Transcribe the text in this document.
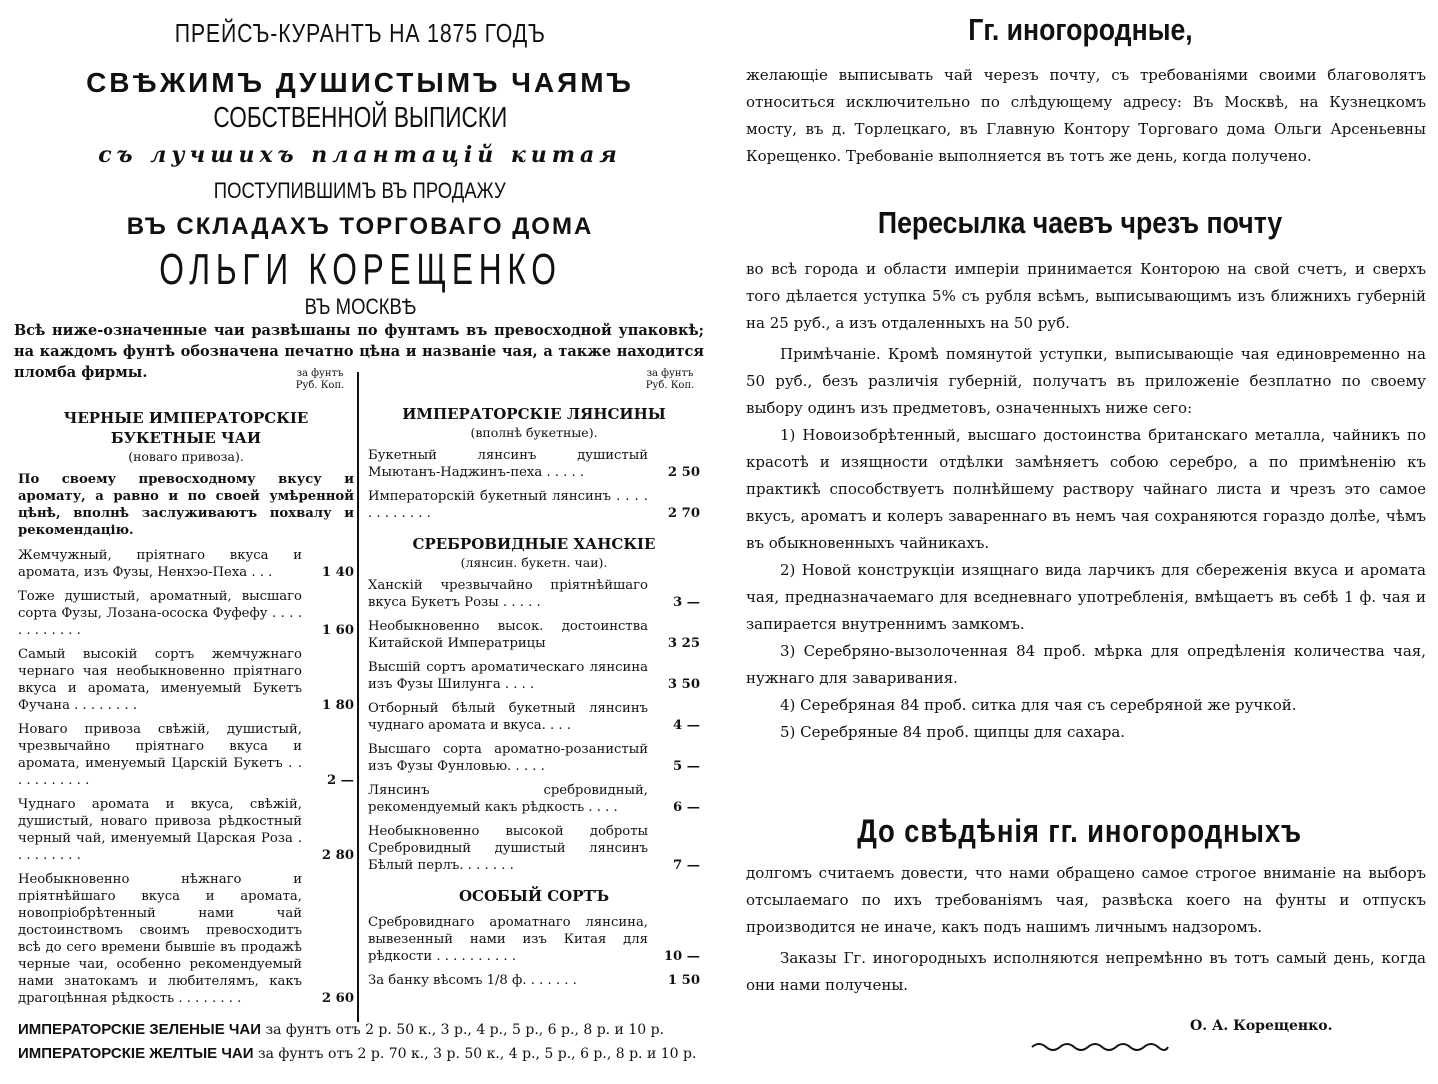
ПРЕЙСЪ-КУРАНТЪ НА 1875 ГОДЪ
СВѢЖИМЪ ДУШИСТЫМЪ ЧАЯМЪ
СОБСТВЕННОЙ ВЫПИСКИ
съ лучшихъ плантацій китая
ПОСТУПИВШИМЪ ВЪ ПРОДАЖУ
ВЪ СКЛАДАХЪ ТОРГОВАГО ДОМА
ОЛЬГИ КОРЕЩЕНКО
ВЪ МОСКВѢ
Всѣ ниже-означенные чаи развѣшаны по фунтамъ въ превосходной упаковкѣ; на каждомъ фунтѣ обозначена печатно цѣна и названіе чая, а также находится пломба фирмы.	за фунтъ
Руб. Коп.
за фунтъ
Руб. Коп.
ЧЕРНЫЕ ИМПЕРАТОРСКІЕ БУКЕТНЫЕ ЧАИ
(новаго привоза).
По своему превосходному вкусу и аромату, а равно и по своей умѣренной цѣнѣ, вполнѣ заслуживаютъ похвалу и рекомендацію.
Жемчужный, пріятнаго вкуса и аромата, изъ Фузы, Ненхэо-Пеха . . .	1 40
Тоже душистый, ароматный, высшаго сорта Фузы, Лозана-ососка Фуфефу . . . . . . . . . . . .	1 60
Самый высокій сортъ жемчужнаго чернаго чая необыкновенно пріятнаго вкуса и аромата, именуемый Букетъ Фучана . . . . . . . .	1 80
Новаго привоза свѣжій, душистый, чрезвычайно пріятнаго вкуса и аромата, именуемый Царскій Букетъ . . . . . . . . . . .	2 —
Чуднаго аромата и вкуса, свѣжій, душистый, новаго привоза рѣдкостный черный чай, именуемый Царская Роза . . . . . . . . .	2 80
Необыкновенно нѣжнаго и пріятнѣйшаго вкуса и аромата, новопріобрѣтенный нами чай достоинствомъ своимъ превосходитъ всѣ до сего времени бывшіе въ продажѣ черные чаи, особенно рекомендуемый нами знатокамъ и любителямъ, какъ драгоцѣнная рѣдкость . . . . . . . .	2 60
ИМПЕРАТОРСКІЕ ЛЯНСИНЫ
(вполнѣ букетные).
Букетный лянсинъ душистый Мыютанъ-Наджинъ-пеха . . . . .	2 50
Императорскій букетный лянсинъ . . . . . . . . . . . .	2 70
СРЕБРОВИДНЫЕ ХАНСКІЕ
(лянсин. букетн. чаи).
Ханскій чрезвычайно пріятнѣйшаго вкуса Букетъ Розы . . . . .	3 —
Необыкновенно высок. достоинства Китайской Императрицы	3 25
Высшій сортъ ароматическаго лянсина изъ Фузы Шилунга . . . .	3 50
Отборный бѣлый букетный лянсинъ чуднаго аромата и вкуса. . . .	4 —
Высшаго сорта ароматно-розанистый изъ Фузы Фунловью. . . . .	5 —
Лянсинъ сребровидный, рекомендуемый какъ рѣдкость . . . .	6 —
Необыкновенно высокой доброты Сребровидный душистый лянсинъ Бѣлый перлъ. . . . . . .	7 —
ОСОБЫЙ СОРТЪ
Сребровиднаго ароматнаго лянсина, вывезенный нами изъ Китая для рѣдкости . . . . . . . . . .	10 —
За банку вѣсомъ 1/8 ф. . . . . . .	1 50
ИМПЕРАТОРСКІЕ ЗЕЛЕНЫЕ ЧАИ за фунтъ отъ 2 р. 50 к., 3 р., 4 р., 5 р., 6 р., 8 р. и 10 р.
ИМПЕРАТОРСКІЕ ЖЕЛТЫЕ ЧАИ за фунтъ отъ 2 р. 70 к., 3 р. 50 к., 4 р., 5 р., 6 р., 8 р. и 10 р.
Гг. иногородные,

желающіе выписывать чай черезъ почту, съ требованіями своими благоволятъ относиться исключительно по слѣдующему адресу: Въ Москвѣ, на Кузнецкомъ мосту, въ д. Торлецкаго, въ Главную Контору Торговаго дома Ольги Арсеньевны Корещенко. Требованіе выполняется въ тотъ же день, когда получено.

Пересылка чаевъ чрезъ почту

во всѣ города и области имперіи принимается Конторою на свой счетъ, и сверхъ того дѣлается уступка 5% съ рубля всѣмъ, выписывающимъ изъ ближнихъ губерній на 25 руб., а изъ отдаленныхъ на 50 руб.

Примѣчаніе. Кромѣ помянутой уступки, выписывающіе чая единовременно на 50 руб., безъ различія губерній, получатъ въ приложеніе безплатно по своему выбору одинъ изъ предметовъ, означенныхъ ниже сего:

1) Новоизобрѣтенный, высшаго достоинства британскаго металла, чайникъ по красотѣ и изящности отдѣлки замѣняетъ собою серебро, а по примѣненію къ практикѣ способствуетъ полнѣйшему раствору чайнаго листа и чрезъ это самое вкусъ, ароматъ и колеръ завареннаго въ немъ чая сохраняются гораздо долѣе, чѣмъ въ обыкновенныхъ чайникахъ.

2) Новой конструкціи изящнаго вида ларчикъ для сбереженія вкуса и аромата чая, предназначаемаго для вседневнаго употребленія, вмѣщаетъ въ себѣ 1 ф. чая и запирается внутреннимъ замкомъ.

3) Серебряно-вызолоченная 84 проб. мѣрка для опредѣленія количества чая, нужнаго для заваривания.

4) Серебряная 84 проб. ситка для чая съ серебряной же ручкой.

5) Серебряные 84 проб. щипцы для сахара.

До свѣдѣнія гг. иногородныхъ

долгомъ считаемъ довести, что нами обращено самое строгое вниманіе на выборъ отсылаемаго по ихъ требованіямъ чая, развѣска коего на фунты и отпускъ производится не иначе, какъ подъ нашимъ личнымъ надзоромъ.

Заказы Гг. иногородныхъ исполняются непремѣнно въ тотъ самый день, когда они нами получены.

О. А. Корещенко.
